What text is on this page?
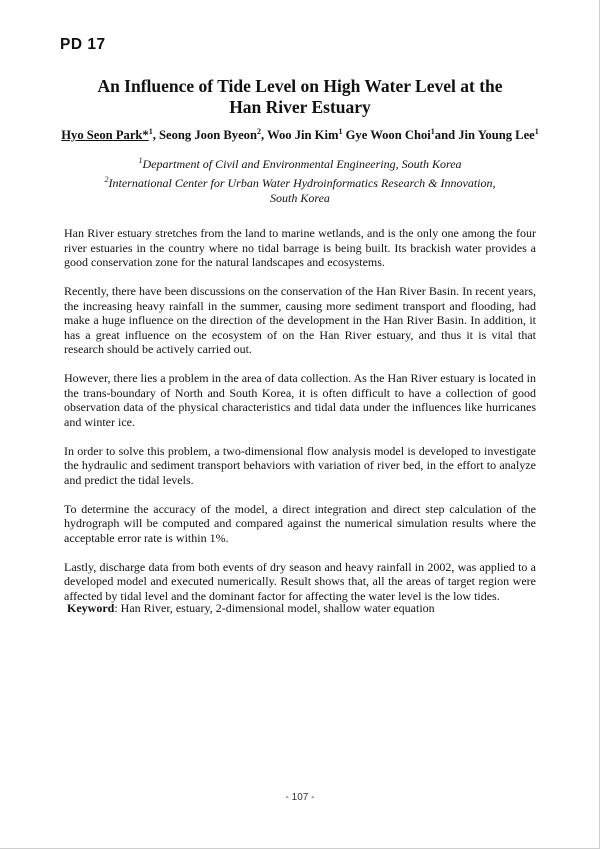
PD 17
An Influence of Tide Level on High Water Level at the
Han River Estuary
Hyo Seon Park*$^1$, Seong Joon Byeon$^2$, Woo Jin Kim$^1$ Gye Woon Choi$^1$and Jin Young Lee$^1$
$^1$Department of Civil and Environmental Engineering, South Korea
$^2$International Center for Urban Water Hydroinformatics Research & Innovation,
South Korea

Han River estuary stretches from the land to marine wetlands, and is the only one among the four river estuaries in the country where no tidal barrage is being built. Its brackish water provides a good conservation zone for the natural landscapes and ecosystems.

Recently, there have been discussions on the conservation of the Han River Basin. In recent years, the increasing heavy rainfall in the summer, causing more sediment transport and flooding, had make a huge influence on the direction of the development in the Han River Basin. In addition, it has a great influence on the ecosystem of on the Han River estuary, and thus it is vital that research should be actively carried out.

However, there lies a problem in the area of data collection. As the Han River estuary is located in the trans-boundary of North and South Korea, it is often difficult to have a collection of good observation data of the physical characteristics and tidal data under the influences like hurricanes and winter ice.

In order to solve this problem, a two-dimensional flow analysis model is developed to investigate the hydraulic and sediment transport behaviors with variation of river bed, in the effort to analyze and predict the tidal levels.

To determine the accuracy of the model, a direct integration and direct step calculation of the hydrograph will be computed and compared against the numerical simulation results where the acceptable error rate is within 1%.

Lastly, discharge data from both events of dry season and heavy rainfall in 2002, was applied to a developed model and executed numerically. Result shows that, all the areas of target region were affected by tidal level and the dominant factor for affecting the water level is the low tides.

Keyword: Han River, estuary, 2-dimensional model, shallow water equation
- 107 -
